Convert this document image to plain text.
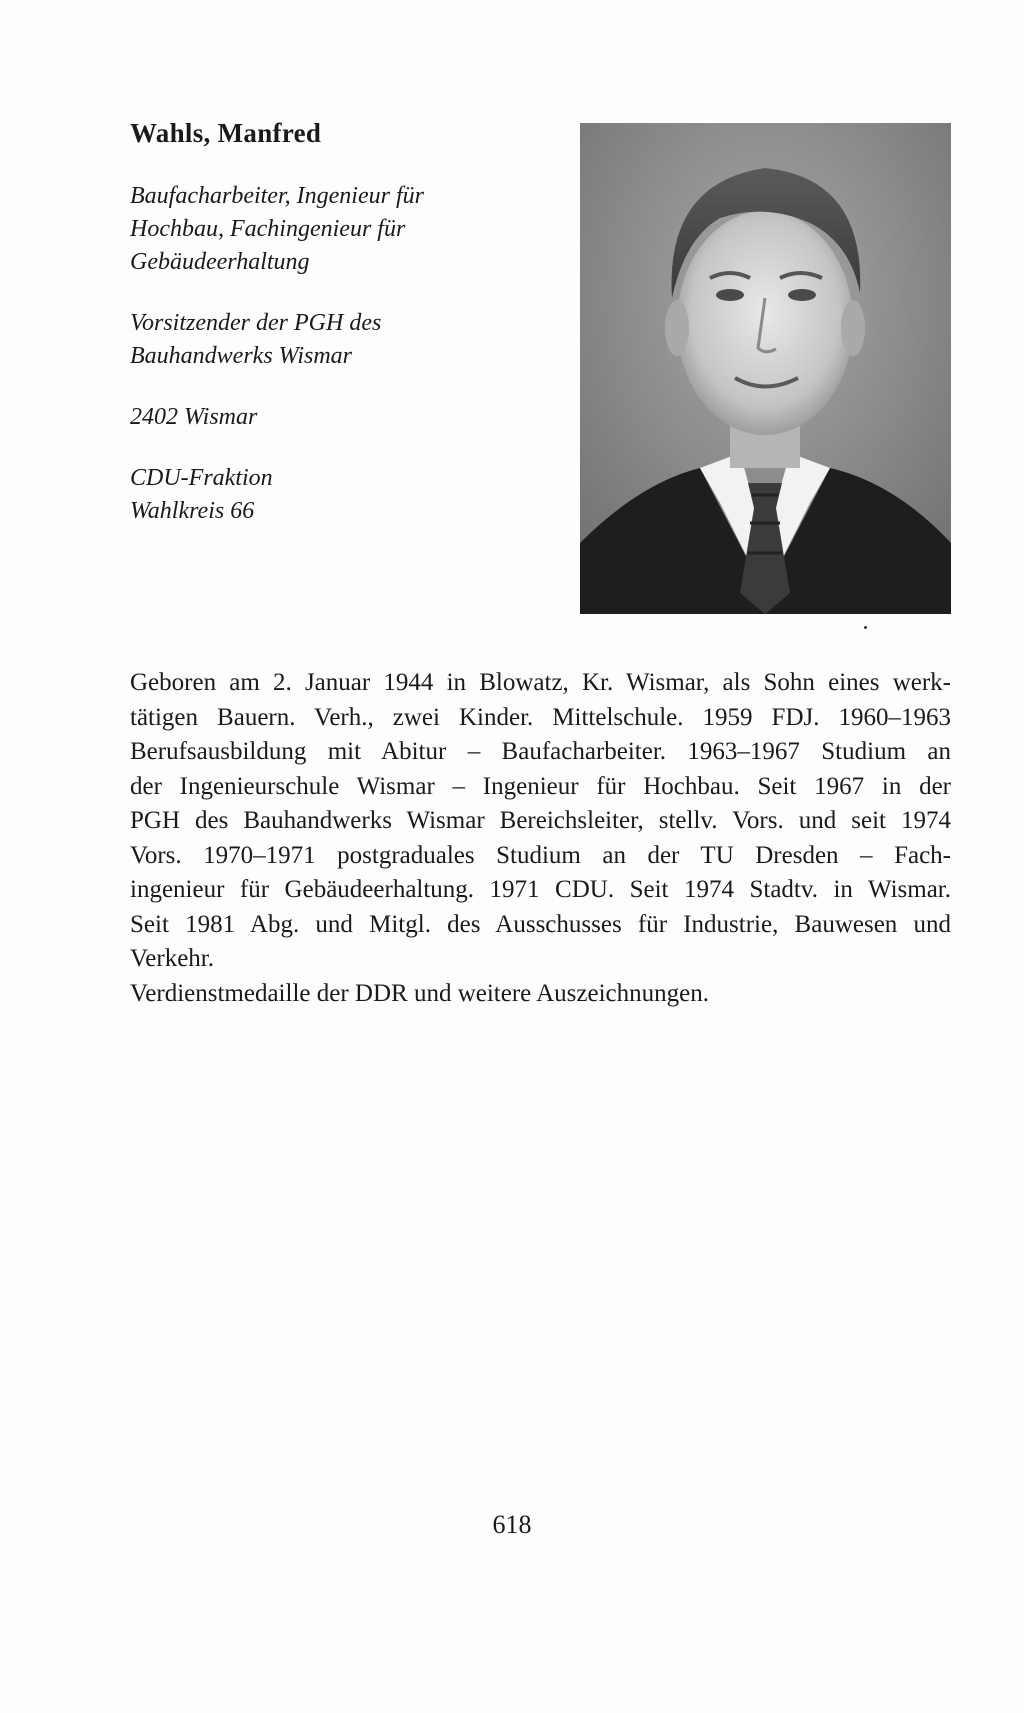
Wahls, Manfred
Baufacharbeiter, Ingenieur für
Hochbau, Fachingenieur für
Gebäudeerhaltung
Vorsitzender der PGH des
Bauhandwerks Wismar
2402 Wismar
CDU-Fraktion
Wahlkreis 66
Geboren am 2. Januar 1944 in Blowatz, Kr. Wismar, als Sohn eines werk-
tätigen Bauern. Verh., zwei Kinder. Mittelschule. 1959 FDJ. 1960–1963
Berufsausbildung mit Abitur – Baufacharbeiter. 1963–1967 Studium an
der Ingenieurschule Wismar – Ingenieur für Hochbau. Seit 1967 in der
PGH des Bauhandwerks Wismar Bereichsleiter, stellv. Vors. und seit 1974
Vors. 1970–1971 postgraduales Studium an der TU Dresden – Fach-
ingenieur für Gebäudeerhaltung. 1971 CDU. Seit 1974 Stadtv. in Wismar.
Seit 1981 Abg. und Mitgl. des Ausschusses für Industrie, Bauwesen und
Verkehr.
Verdienstmedaille der DDR und weitere Auszeichnungen.
618
